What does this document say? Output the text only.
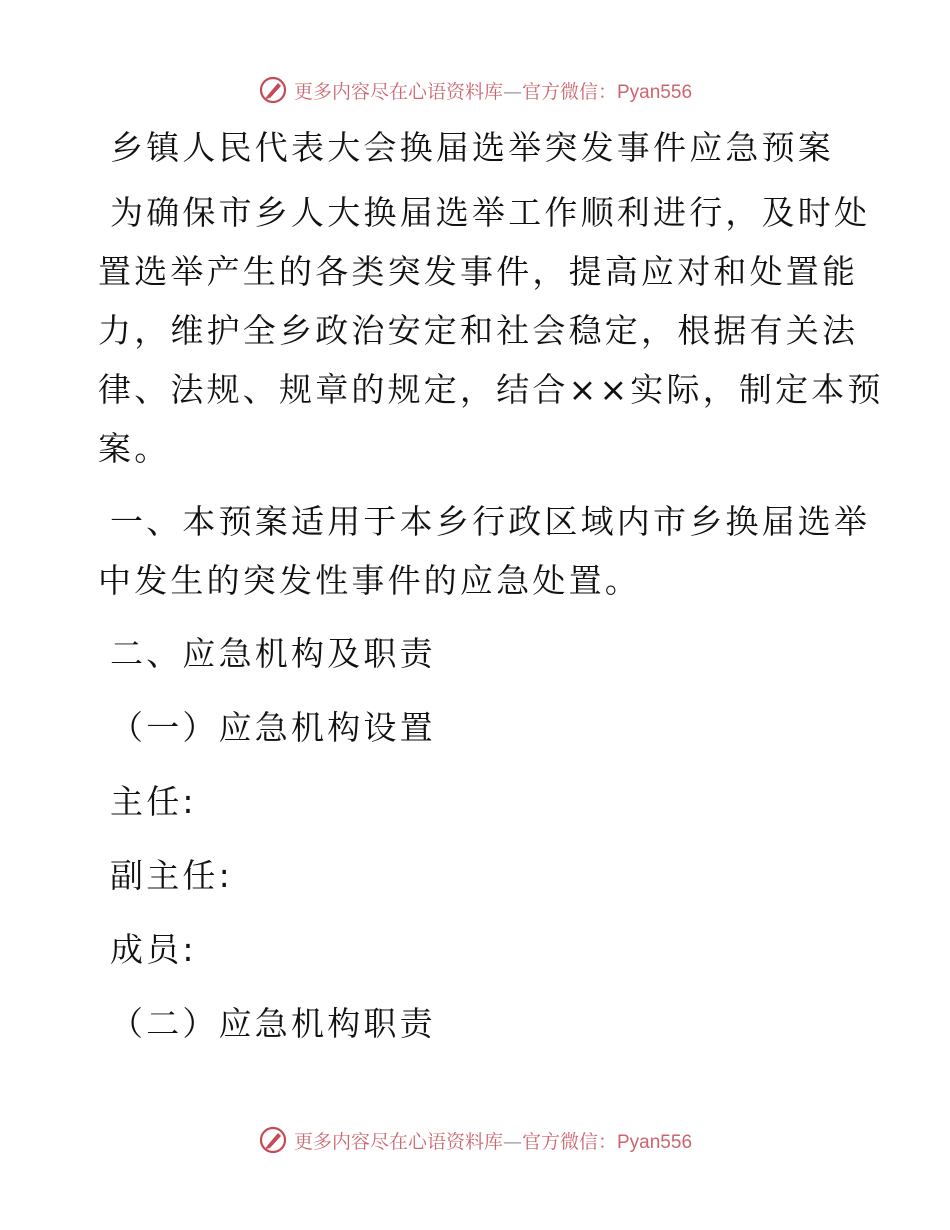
更多内容尽在心语资料库—官方微信：Pyan556
乡镇人民代表大会换届选举突发事件应急预案
为确保市乡人大换届选举工作顺利进行，及时处
置选举产生的各类突发事件，提高应对和处置能
力，维护全乡政治安定和社会稳定，根据有关法
律、法规、规章的规定，结合××实际，制定本预
案。
一、本预案适用于本乡行政区域内市乡换届选举
中发生的突发性事件的应急处置。
二、应急机构及职责
（一）应急机构设置
主任:
副主任:
成员:
（二）应急机构职责
更多内容尽在心语资料库—官方微信：Pyan556
